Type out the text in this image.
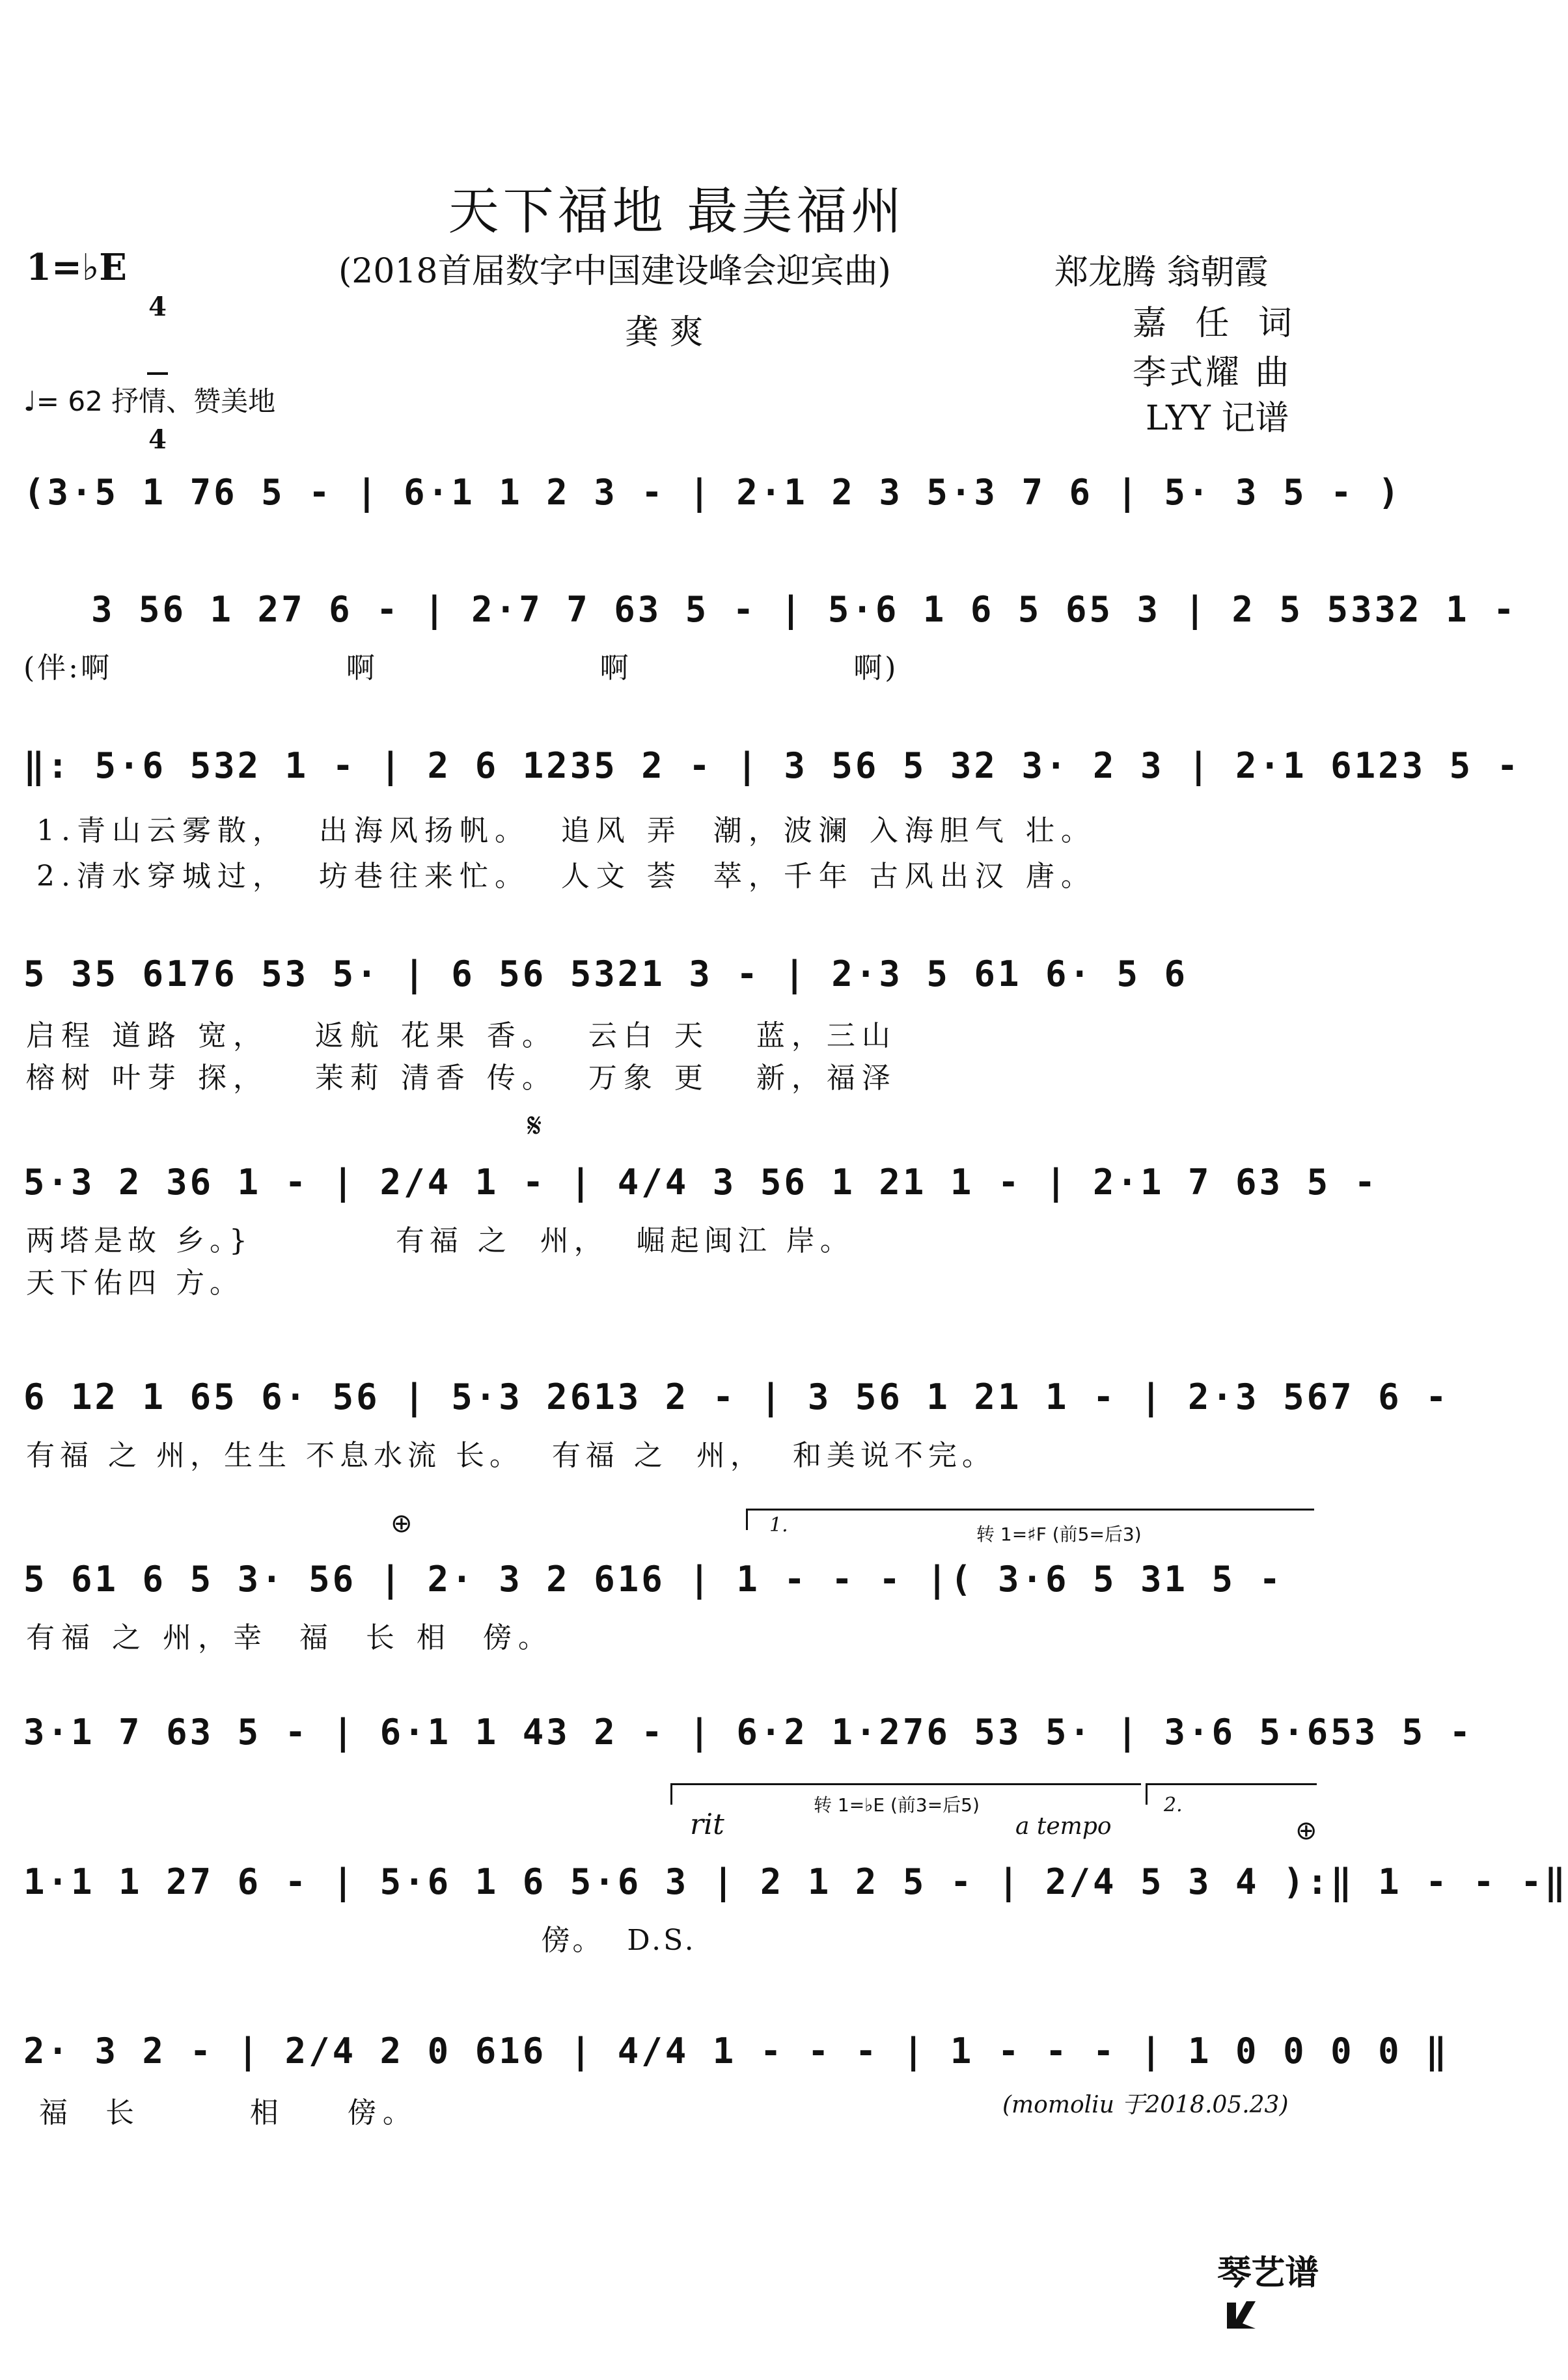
天下福地 最美福州
1=♭E

4

4

(2018首届数字中国建设峰会迎宾曲)
龚 爽
郑龙腾 翁朝霞
嘉 任 词
李式耀 曲
LYY 记谱
♩= 62 抒情、赞美地
(3·5 1 76 5 - | 6·1 1 2 3 - | 2·1 2 3 5·3 7 6 | 5· 3 5 - )
3 56 1 27 6 - | 2·7 7 63 5 - | 5·6 1 6 5 65 3 | 2 5 5332 1 -
(伴:啊                    啊                   啊                   啊)
‖: 5·6 532 1 - | 2 6 1235 2 - | 3 56 5 32 3· 2 3 | 2·1 6123 5 -
1.青山云雾散，  出海风扬帆。  追风 弄  潮，波澜 入海胆气 壮。
2.清水穿城过，  坊巷往来忙。  人文 荟  萃，千年 古风出汉 唐。
5 35 6176 53 5· | 6 56 5321 3 - | 2·3 5 61 6· 5 6
启程 道路 宽，   返航 花果 香。  云白 天   蓝，三山
榕树 叶芽 探，   茉莉 清香 传。  万象 更   新，福泽
𝄋
5·3 2 36 1 - | 2/4 1 - | 4/4 3 56 1 21 1 - | 2·1 7 63 5 -
两塔是故 乡。}          有福 之  州，  崛起闽江 岸。
天下佑四 方。
6 12 1 65 6· 56 | 5·3 2613 2 - | 3 56 1 21 1 - | 2·3 567 6 -
有福 之 州，生生 不息水流 长。  有福 之  州，  和美说不完。
1.	转 1=♯F (前5=后3)
⊕
5 61 6 5 3· 56 | 2· 3 2 616 | 1 - - - |( 3·6 5 31 5 -
有福 之 州，幸  福  长 相  傍。
3·1 7 63 5 - | 6·1 1 43 2 - | 6·2 1·276 53 5· | 3·6 5·653 5 -
rit
转 1=♭E (前3=后5)
a tempo
2.
⊕
1·1 1 27 6 - | 5·6 1 6 5·6 3 | 2 1 2 5 - | 2/4 5 3 4 ):‖ 1 - - -‖
傍。  D.S.
2· 3 2 - | 2/4 2 0 616 | 4/4 1 - - - | 1 - - - | 1 0 0 0 0 ‖
福  长       相    傍。	(momoliu 于2018.05.23)

琴艺谱
